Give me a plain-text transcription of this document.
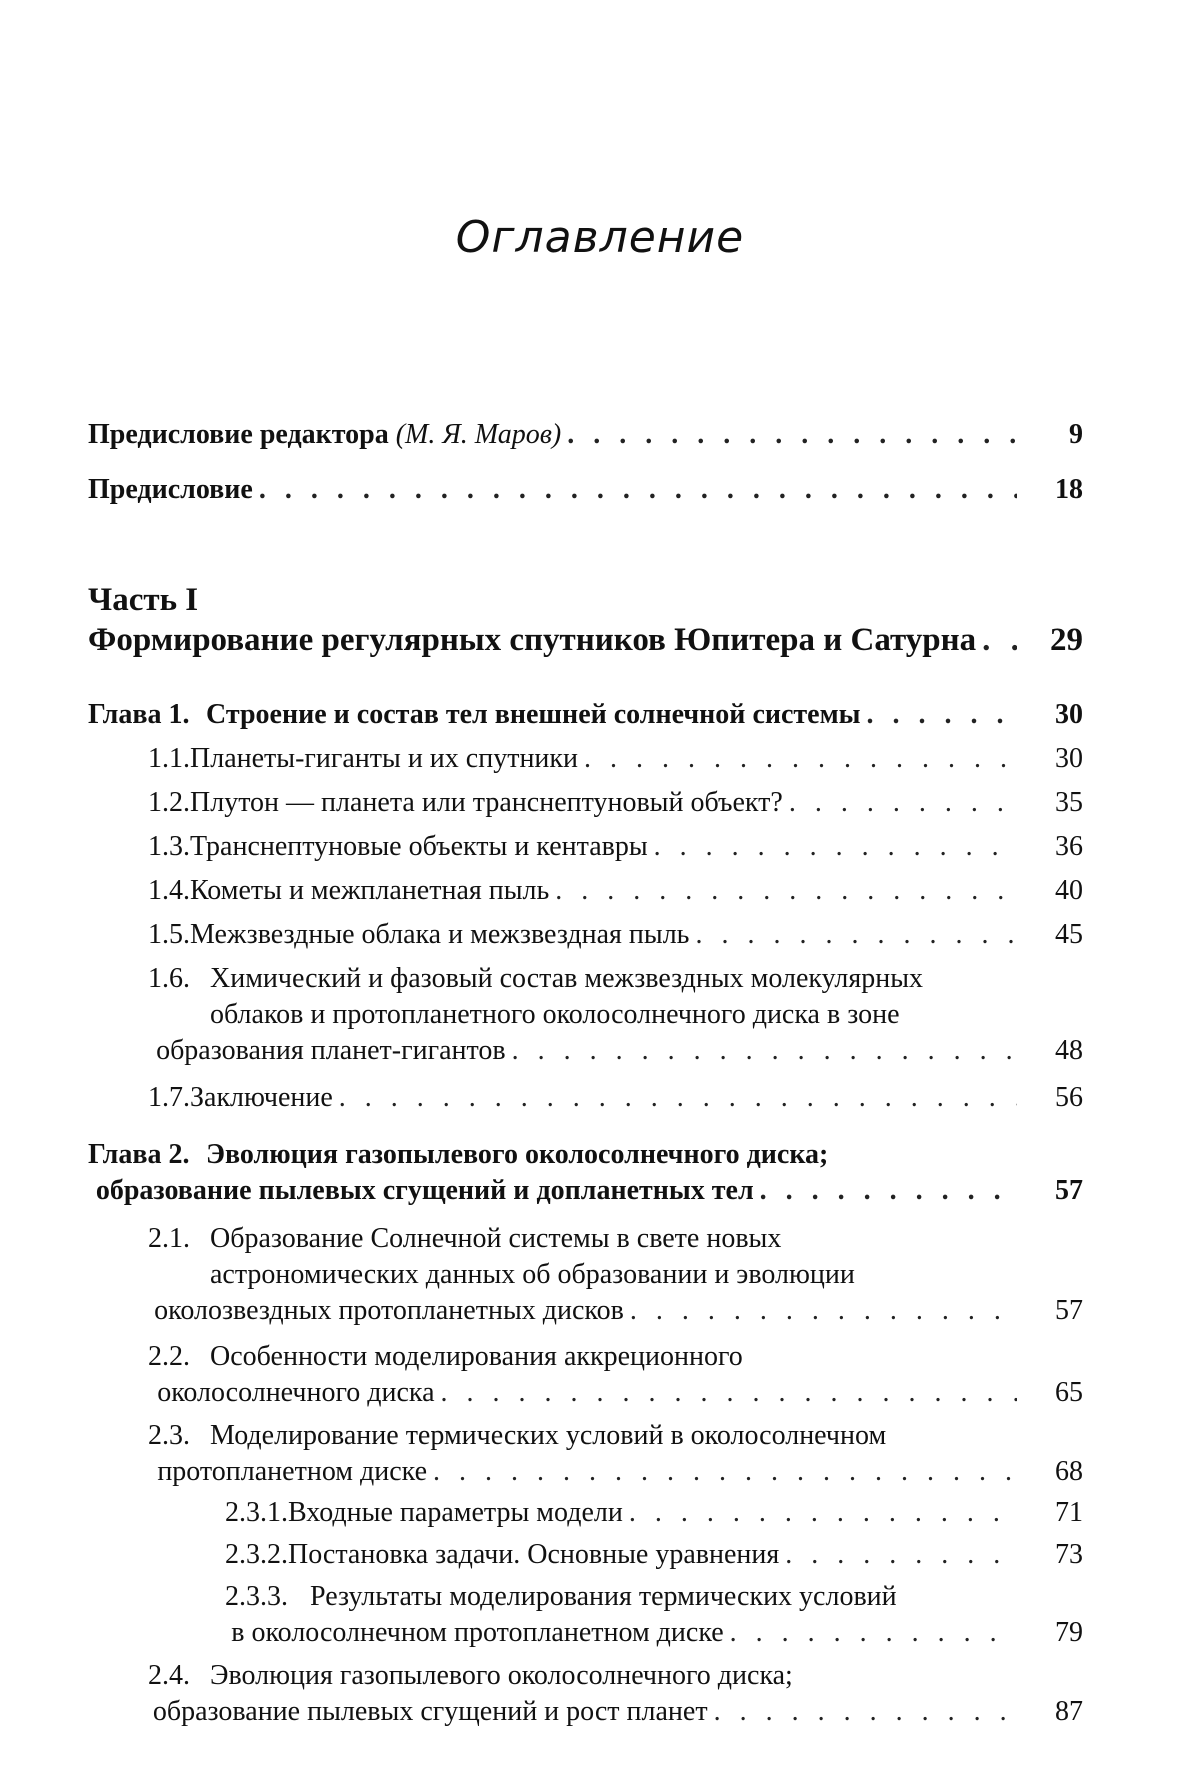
Оглавление
Предисловие редактора (М. Я. Маров) . . .	9
Предисловие . . .	18
Часть I
Формирование регулярных спутников Юпитера и Сатурна . . .	29
Глава 1. Строение и состав тел внешней солнечной системы . . .	30
1.1. Планеты-гиганты и их спутники . . .	30
1.2. Плутон — планета или транснептуновый объект? . . .	35
1.3. Транснептуновые объекты и кентавры . . .	36
1.4. Кометы и межпланетная пыль . . .	40
1.5. Межзвездные облака и межзвездная пыль . . .	45
1.6. Химический и фазовый состав межзвездных молекулярных
облаков и протопланетного околосолнечного диска в зоне
образования планет-гигантов . . .	48
1.7. Заключение . . .	56
Глава 2. Эволюция газопылевого околосолнечного диска;
образование пылевых сгущений и допланетных тел . . .	57
2.1. Образование Солнечной системы в свете новых
астрономических данных об образовании и эволюции
околозвездных протопланетных дисков . . .	57
2.2. Особенности моделирования аккреционного
околосолнечного диска . . .	65
2.3. Моделирование термических условий в околосолнечном
протопланетном диске . . .	68
2.3.1. Входные параметры модели . . .	71
2.3.2. Постановка задачи. Основные уравнения . . .	73
2.3.3. Результаты моделирования термических условий
в околосолнечном протопланетном диске . . .	79
2.4. Эволюция газопылевого околосолнечного диска;
образование пылевых сгущений и рост планет . . .	87
